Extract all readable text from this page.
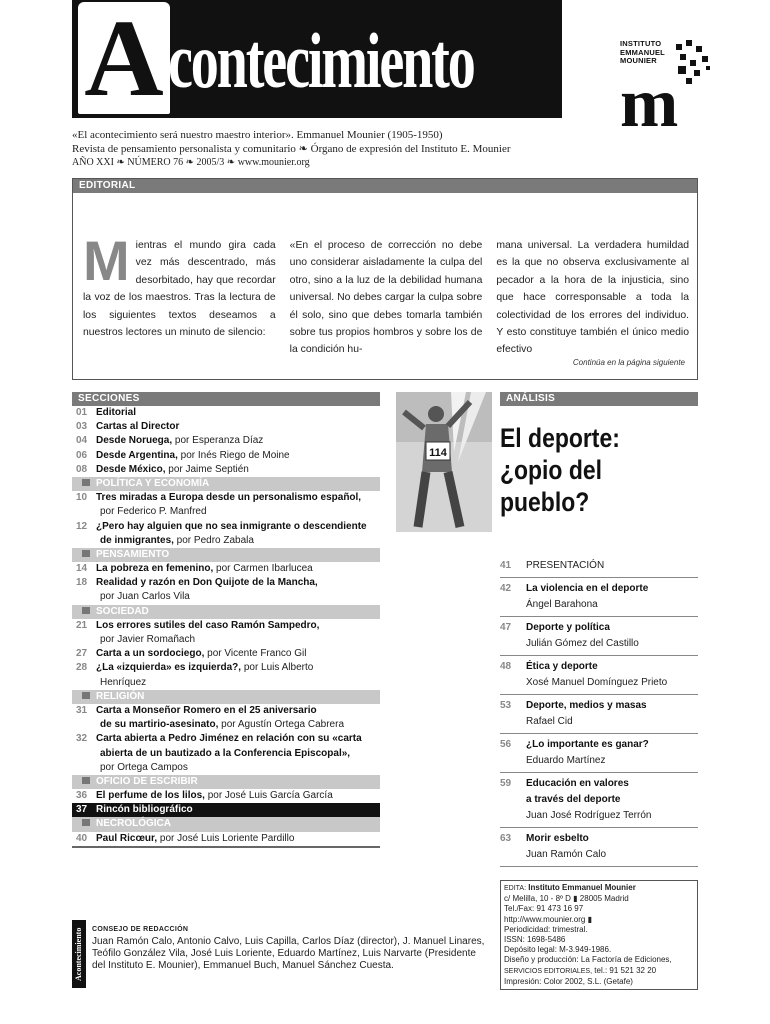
A contecimiento	INSTITUTO
EMMANUEL
MOUNIER
m
«El acontecimiento será nuestro maestro interior». Emmanuel Mounier (1905-1950)
Revista de pensamiento personalista y comunitario ❧ Órgano de expresión del Instituto E. Mounier
AÑO XXI ❧ NÚMERO 76 ❧ 2005/3 ❧ www.mounier.org
EDITORIAL
Mientras el mundo gira cada vez más descentrado, más desorbitado, hay que recordar la voz de los maestros. Tras la lectura de los siguientes textos deseamos a nuestros lectores un minuto de silencio:
«En el proceso de corrección no debe uno considerar aisladamente la culpa del otro, sino a la luz de la debilidad humana universal. No debes cargar la culpa sobre él solo, sino que debes tomarla también sobre tus propios hombros y sobre los de la condición hu-
mana universal. La verdadera humildad es la que no observa exclusivamente al pecador a la hora de la injusticia, sino que hace corresponsable a toda la colectividad de los errores del individuo. Y esto constituye también el único medio efectivo
Continúa en la página siguiente
SECCIONES
01 Editorial
03 Cartas al Director
04 Desde Noruega, por Esperanza Díaz
06 Desde Argentina, por Inés Riego de Moine
08 Desde México, por Jaime Septién
POLÍTICA Y ECONOMÍA
10 Tres miradas a Europa desde un personalismo español,
por Federico P. Manfred
12 ¿Pero hay alguien que no sea inmigrante o descendiente
de inmigrantes, por Pedro Zabala
PENSAMIENTO
14 La pobreza en femenino, por Carmen Ibarlucea
18 Realidad y razón en Don Quijote de la Mancha,
por Juan Carlos Vila
SOCIEDAD
21 Los errores sutiles del caso Ramón Sampedro,
por Javier Romañach
27 Carta a un sordociego, por Vicente Franco Gil
28 ¿La «izquierda» es izquierda?, por Luis Alberto
Henríquez
RELIGIÓN
31 Carta a Monseñor Romero en el 25 aniversario
de su martirio-asesinato, por Agustín Ortega Cabrera
32 Carta abierta a Pedro Jiménez en relación con su «carta
abierta de un bautizado a la Conferencia Episcopal»,
por Ortega Campos
OFICIO DE ESCRIBIR
36 El perfume de los lilos, por José Luis García García
37 Rincón bibliográfico
NECROLÓGICA
40 Paul Ricœur, por José Luis Loriente Pardillo
114
ANÁLISIS
El deporte:
¿opio del
pueblo?
41 PRESENTACIÓN
42 La violencia en el deporte
Ángel Barahona
47 Deporte y política
Julián Gómez del Castillo
48 Ética y deporte
Xosé Manuel Domínguez Prieto
53 Deporte, medios y masas
Rafael Cid
56 ¿Lo importante es ganar?
Eduardo Martínez
59 Educación en valores
a través del deporte
Juan José Rodríguez Terrón
63 Morir esbelto
Juan Ramón Calo
Acontecimiento	CONSEJO DE REDACCIÓN
Juan Ramón Calo, Antonio Calvo, Luis Capilla, Carlos Díaz (director), J. Manuel Linares, Teófilo González Vila, José Luis Loriente, Eduardo Martínez, Luis Narvarte (Presidente del Instituto E. Mounier), Emmanuel Buch, Manuel Sánchez Cuesta.
EDITA: Instituto Emmanuel Mounier
c/ Melilla, 10 - 8º D ▮ 28005 Madrid
Tel./Fax: 91 473 16 97
http://www.mounier.org ▮
Periodicidad: trimestral.
ISSN: 1698-5486
Depósito legal: M-3.949-1986.
Diseño y producción: La Factoría de Ediciones,
SERVICIOS EDITORIALES, tel.: 91 521 32 20
Impresión: Color 2002, S.L. (Getafe)
